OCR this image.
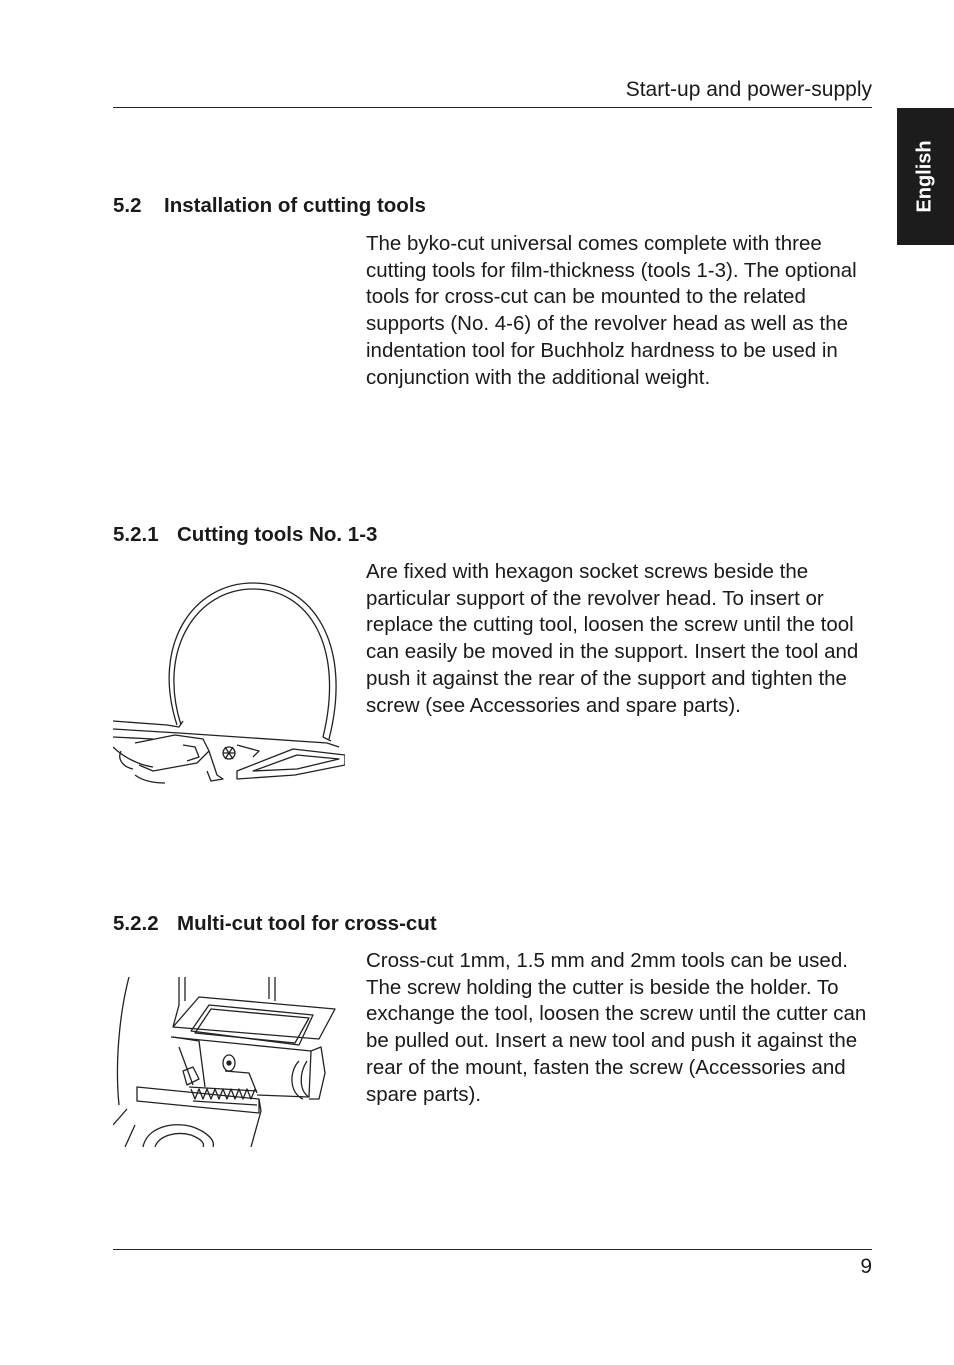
Start-up and power-supply
English
5.2 Installation of cutting tools
The byko-cut universal comes complete with three cutting tools for film-thickness (tools 1-3). The optional tools for cross-cut can be mounted to the related supports (No. 4-6) of the revolver head as well as the indentation tool for Buchholz hardness to be used in conjunction with the additional weight.
5.2.1 Cutting tools No. 1-3
Are fixed with hexagon socket screws beside the particular support of the revolver head. To insert or replace the cutting tool, loosen the screw until the tool can easily be moved in the support. Insert the tool and push it against the rear of the support and tighten the screw (see Accessories and spare parts).
5.2.2 Multi-cut tool for cross-cut
Cross-cut 1mm, 1.5 mm and 2mm tools can be used. The screw holding the cutter is beside the holder. To exchange the tool, loosen the screw until the cutter can be pulled out. Insert a new tool and push it against the rear of the mount, fasten the screw (Accessories and spare parts).
9
